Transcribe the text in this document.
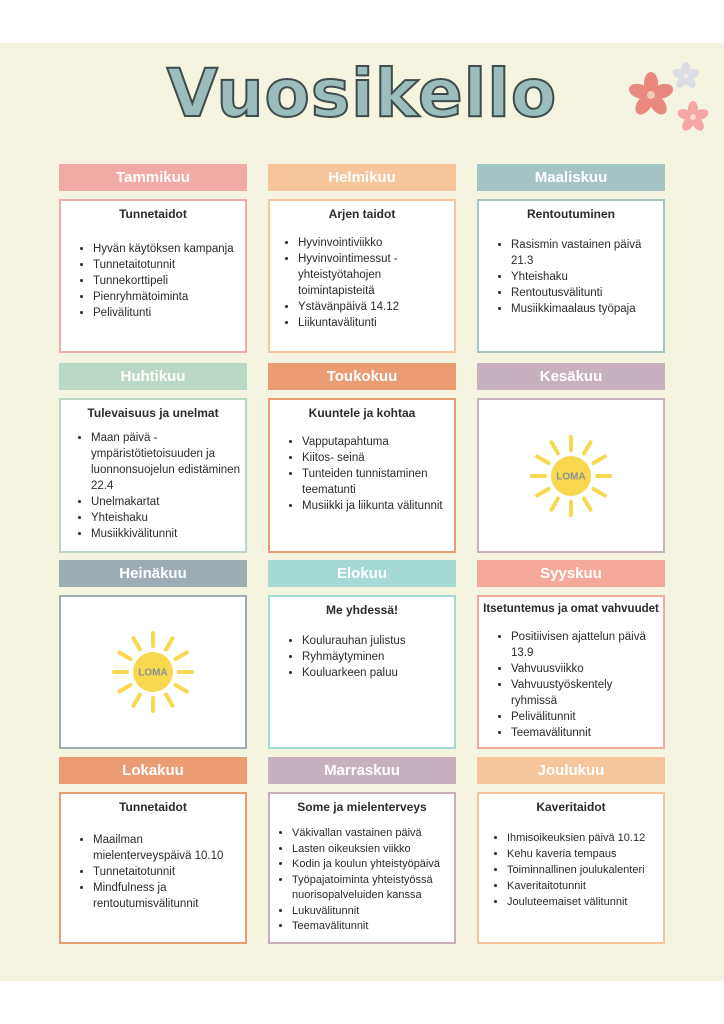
Vuosikello
Tammikuu
Tunnetaidot
• Hyvän käytöksen kampanja
• Tunnetaitotunnit
• Tunnekorttipeli
• Pienryhmätoiminta
• Pelivälitunti
Helmikuu
Arjen taidot
• Hyvinvointiviikko
• Hyvinvointimessut - yhteistyötahojen toimintapisteitä
• Ystävänpäivä 14.12
• Liikuntavälitunti
Maaliskuu
Rentoutuminen
• Rasismin vastainen päivä 21.3
• Yhteishaku
• Rentoutusvälitunti
• Musiikkimaalaus työpaja
Huhtikuu
Tulevaisuus ja unelmat
• Maan päivä - ympäristötietoisuuden ja luonnonsuojelun edistäminen 22.4
• Unelmakartat
• Yhteishaku
• Musiikkivälitunnit
Toukokuu
Kuuntele ja kohtaa
• Vapputapahtuma
• Kiitos- seinä
• Tunteiden tunnistaminen teematunti
• Musiikki ja liikunta välitunnit
Kesäkuu
LOMA
Heinäkuu
LOMA
Elokuu
Me yhdessä!
• Koulurauhan julistus
• Ryhmäytyminen
• Kouluarkeen paluu
Syyskuu
Itsetuntemus ja omat vahvuudet
• Positiivisen ajattelun päivä 13.9
• Vahvuusviikko
• Vahvuustyöskentely ryhmissä
• Pelivälitunnit
• Teemavälitunnit
Lokakuu
Tunnetaidot
• Maailman mielenterveyspäivä 10.10
• Tunnetaitotunnit
• Mindfulness ja rentoutumisvälitunnit
Marraskuu
Some ja mielenterveys
• Väkivallan vastainen päivä
• Lasten oikeuksien viikko
• Kodin ja koulun yhteistyöpäivä
• Työpajatoiminta yhteistyössä nuorisopalveluiden kanssa
• Lukuvälitunnit
• Teemavälitunnit
Joulukuu
Kaveritaidot
• Ihmisoikeuksien päivä 10.12
• Kehu kaveria tempaus
• Toiminnallinen joulukalenteri
• Kaveritaitotunnit
• Jouluteemaiset välitunnit
